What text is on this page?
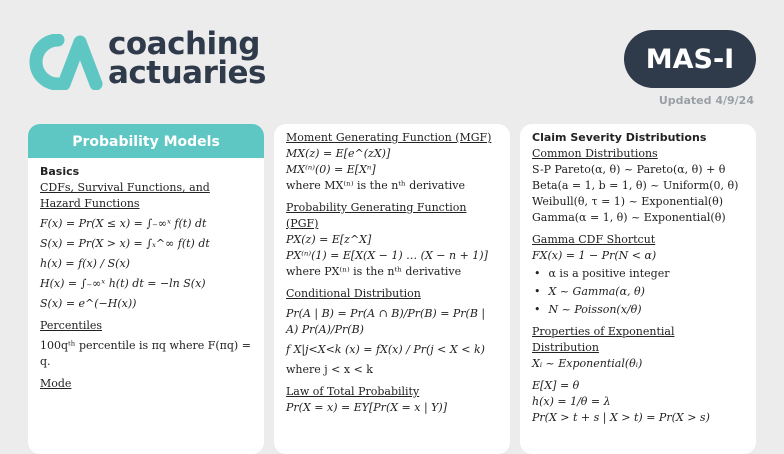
coaching
actuaries	MAS-I
Updated 4/9/24
Probability Models
Basics
CDFs, Survival Functions, and
Hazard Functions
F(x) = Pr(X ≤ x) = ∫₋∞ˣ f(t) dt
S(x) = Pr(X > x) = ∫ₓ^∞ f(t) dt
h(x) = f(x) / S(x)
H(x) = ∫₋∞ˣ h(t) dt = −ln S(x)
S(x) = e^(−H(x))
Percentiles
100qᵗʰ percentile is πq where F(πq) = q.
Mode
Moment Generating Function (MGF)
MX(z) = E[e^(zX)]
MX⁽ⁿ⁾(0) = E[Xⁿ]
where MX⁽ⁿ⁾ is the nᵗʰ derivative
Probability Generating Function (PGF)
PX(z) = E[z^X]
PX⁽ⁿ⁾(1) = E[X(X − 1) … (X − n + 1)]
where PX⁽ⁿ⁾ is the nᵗʰ derivative
Conditional Distribution
Pr(A | B) = Pr(A ∩ B)/Pr(B) = Pr(B | A) Pr(A)/Pr(B)
f X|j<X<k (x) = fX(x) / Pr(j < X < k)
where j < x < k
Law of Total Probability
Pr(X = x) = EY[Pr(X = x | Y)]
Claim Severity Distributions
Common Distributions
S-P Pareto(α, θ) ~ Pareto(α, θ) + θ
Beta(a = 1, b = 1, θ) ~ Uniform(0, θ)
Weibull(θ, τ = 1) ~ Exponential(θ)
Gamma(α = 1, θ) ~ Exponential(θ)
Gamma CDF Shortcut
FX(x) = 1 − Pr(N < α)
• α is a positive integer
• X ~ Gamma(α, θ)
• N ~ Poisson(x/θ)
Properties of Exponential Distribution
Xᵢ ~ Exponential(θᵢ)
E[X] = θ
h(x) = 1/θ = λ
Pr(X > t + s | X > t) = Pr(X > s)
